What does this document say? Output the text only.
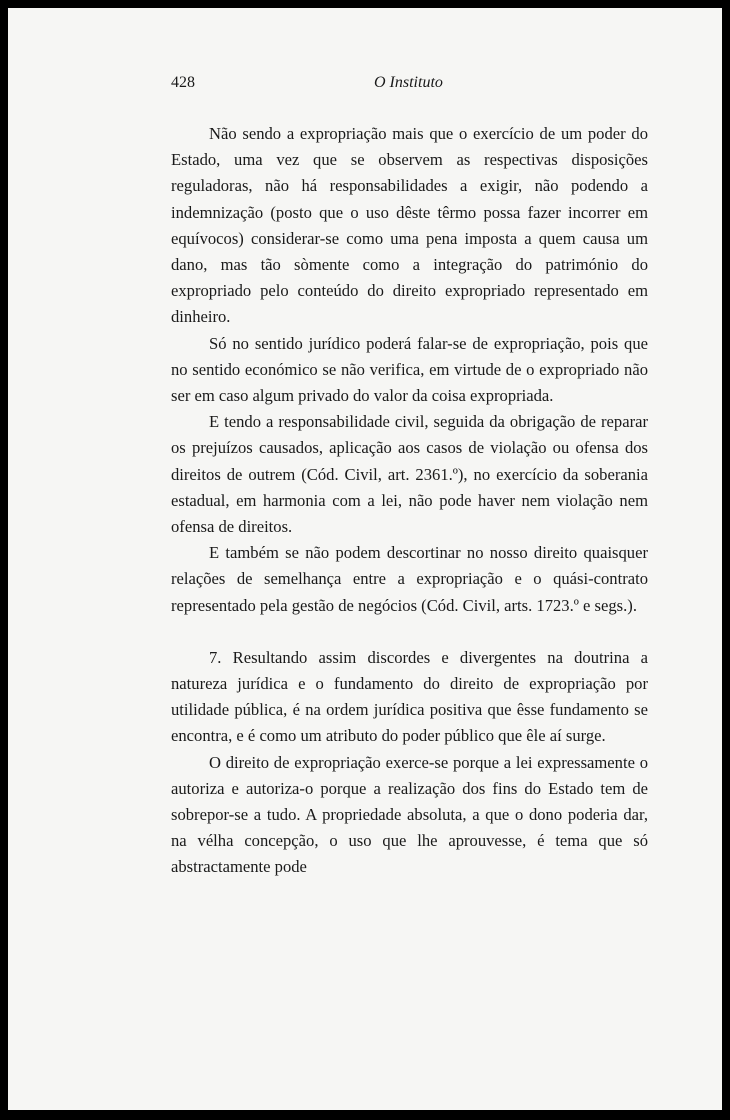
428	O Instituto

Não sendo a expropriação mais que o exercício de um poder do Estado, uma vez que se observem as respectivas disposições reguladoras, não há responsabilidades a exigir, não podendo a indemnização (posto que o uso dêste têrmo possa fazer incorrer em equívocos) considerar-se como uma pena imposta a quem causa um dano, mas tão sòmente como a integração do património do expropriado pelo conteúdo do direito expropriado representado em dinheiro.

Só no sentido jurídico poderá falar-se de expropriação, pois que no sentido económico se não verifica, em virtude de o expropriado não ser em caso algum privado do valor da coisa expropriada.

E tendo a responsabilidade civil, seguida da obrigação de reparar os prejuízos causados, aplicação aos casos de violação ou ofensa dos direitos de outrem (Cód. Civil, art. 2361.º), no exercício da soberania estadual, em harmonia com a lei, não pode haver nem violação nem ofensa de direitos.

E também se não podem descortinar no nosso direito quaisquer relações de semelhança entre a expropriação e o quási-contrato representado pela gestão de negócios (Cód. Civil, arts. 1723.º e segs.).

7. Resultando assim discordes e divergentes na doutrina a natureza jurídica e o fundamento do direito de expropriação por utilidade pública, é na ordem jurídica positiva que êsse fundamento se encontra, e é como um atributo do poder público que êle aí surge.

O direito de expropriação exerce-se porque a lei expressamente o autoriza e autoriza-o porque a realização dos fins do Estado tem de sobrepor-se a tudo. A propriedade absoluta, a que o dono poderia dar, na vélha concepção, o uso que lhe aprouvesse, é tema que só abstractamente pode
